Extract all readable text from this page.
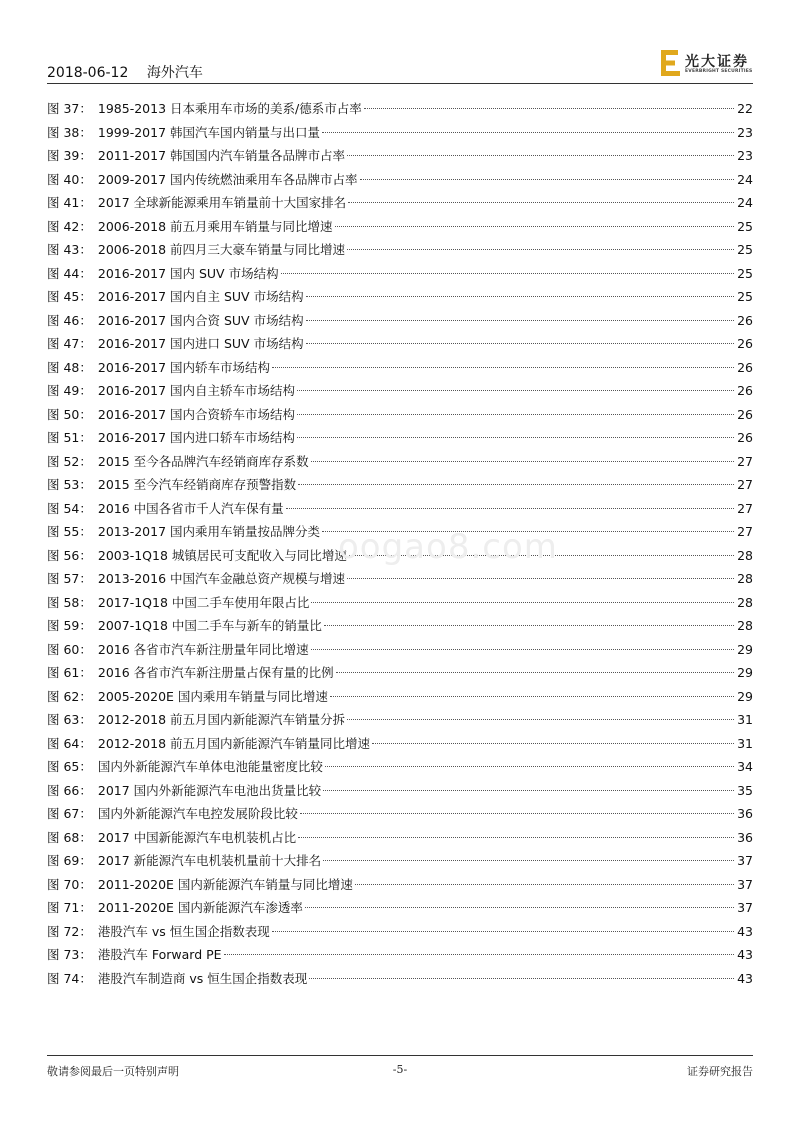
2018-06-12 海外汽车
光大证券
EVERBRIGHT SECURITIES
图 37： 1985-2013 日本乘用车市场的美系/德系市占率	22
图 38： 1999-2017 韩国汽车国内销量与出口量	23
图 39： 2011-2017 韩国国内汽车销量各品牌市占率	23
图 40： 2009-2017 国内传统燃油乘用车各品牌市占率	24
图 41： 2017 全球新能源乘用车销量前十大国家排名	24
图 42： 2006-2018 前五月乘用车销量与同比增速	25
图 43： 2006-2018 前四月三大豪车销量与同比增速	25
图 44： 2016-2017 国内 SUV 市场结构	25
图 45： 2016-2017 国内自主 SUV 市场结构	25
图 46： 2016-2017 国内合资 SUV 市场结构	26
图 47： 2016-2017 国内进口 SUV 市场结构	26
图 48： 2016-2017 国内轿车市场结构	26
图 49： 2016-2017 国内自主轿车市场结构	26
图 50： 2016-2017 国内合资轿车市场结构	26
图 51： 2016-2017 国内进口轿车市场结构	26
图 52： 2015 至今各品牌汽车经销商库存系数	27
图 53： 2015 至今汽车经销商库存预警指数	27
图 54： 2016 中国各省市千人汽车保有量	27
图 55： 2013-2017 国内乘用车销量按品牌分类	27
图 56： 2003-1Q18 城镇居民可支配收入与同比增速	28
图 57： 2013-2016 中国汽车金融总资产规模与增速	28
图 58： 2017-1Q18 中国二手车使用年限占比	28
图 59： 2007-1Q18 中国二手车与新车的销量比	28
图 60： 2016 各省市汽车新注册量年同比增速	29
图 61： 2016 各省市汽车新注册量占保有量的比例	29
图 62： 2005-2020E 国内乘用车销量与同比增速	29
图 63： 2012-2018 前五月国内新能源汽车销量分拆	31
图 64： 2012-2018 前五月国内新能源汽车销量同比增速	31
图 65： 国内外新能源汽车单体电池能量密度比较	34
图 66： 2017 国内外新能源汽车电池出货量比较	35
图 67： 国内外新能源汽车电控发展阶段比较	36
图 68： 2017 中国新能源汽车电机装机占比	36
图 69： 2017 新能源汽车电机装机量前十大排名	37
图 70： 2011-2020E 国内新能源汽车销量与同比增速	37
图 71： 2011-2020E 国内新能源汽车渗透率	37
图 72： 港股汽车 vs 恒生国企指数表现	43
图 73： 港股汽车 Forward PE	43
图 74： 港股汽车制造商 vs 恒生国企指数表现	43
oogao8.com
敬请参阅最后一页特别声明	-5-	证券研究报告
